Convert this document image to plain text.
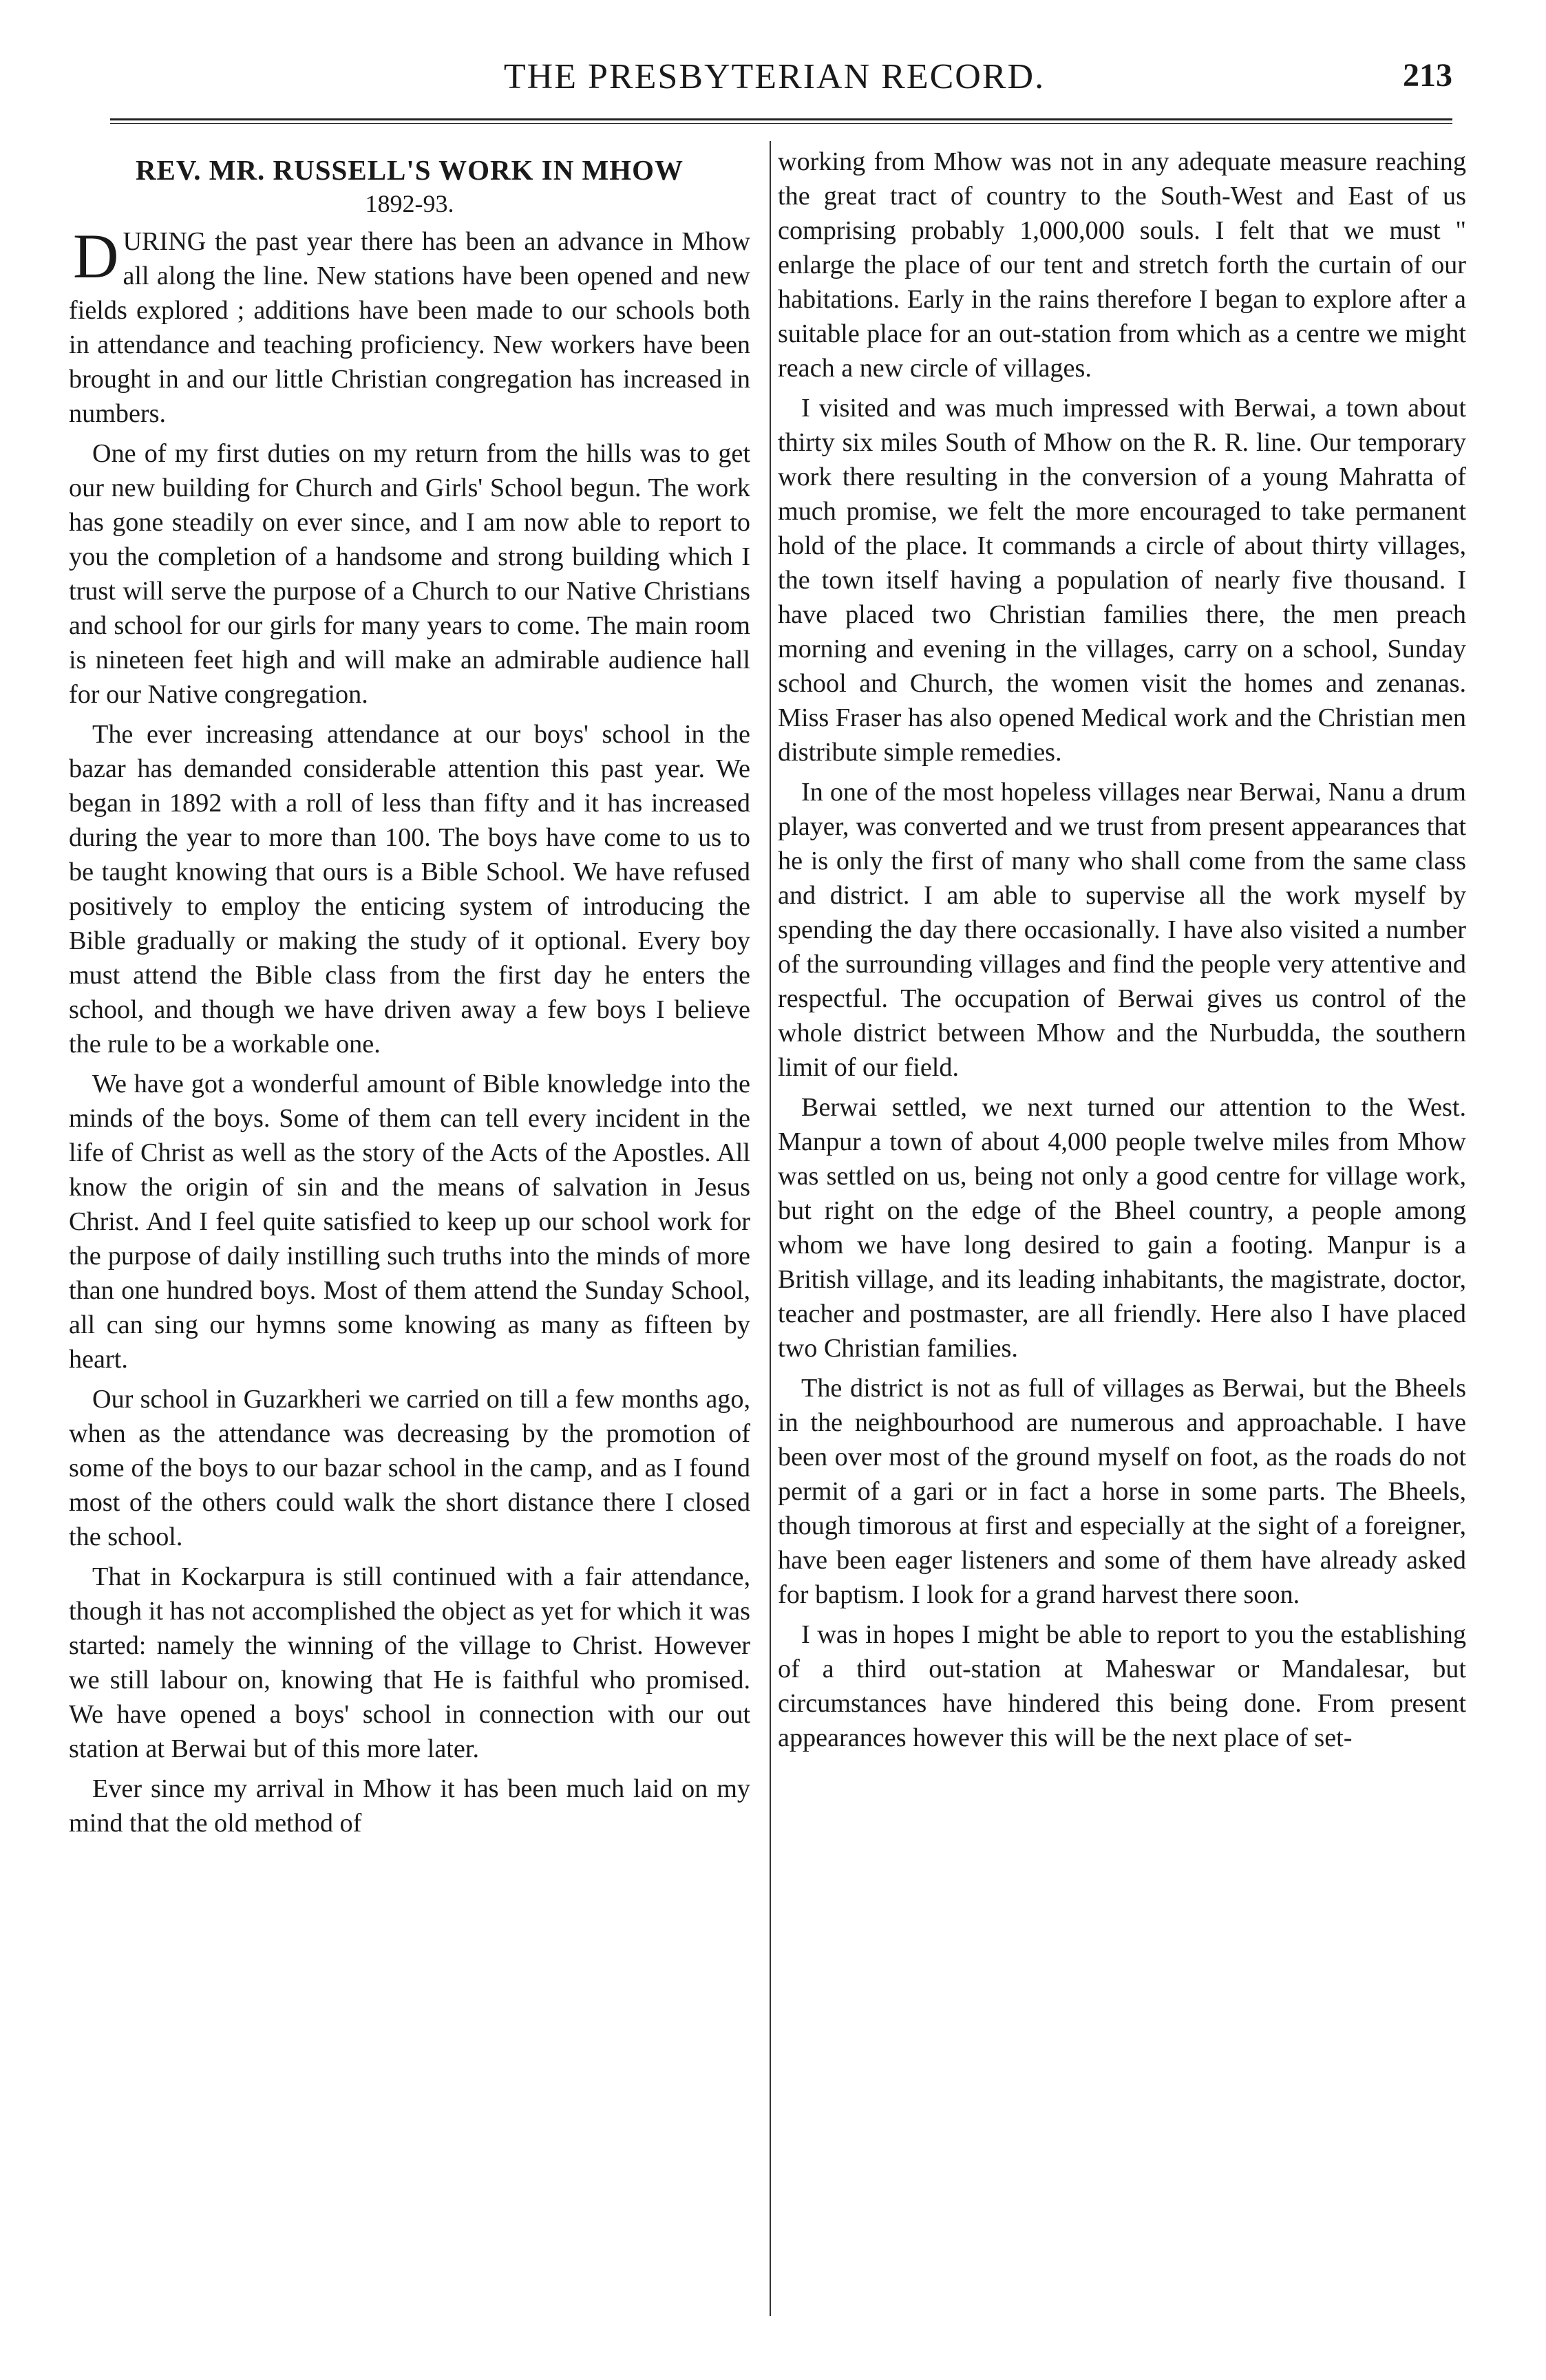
THE PRESBYTERIAN RECORD.	213
REV. MR. RUSSELL'S WORK IN MHOW
1892-93.

DURING the past year there has been an advance in Mhow all along the line. New stations have been opened and new fields explored ; additions have been made to our schools both in attendance and teaching proficiency. New workers have been brought in and our little Christian congregation has increased in numbers.

One of my first duties on my return from the hills was to get our new building for Church and Girls' School begun. The work has gone steadily on ever since, and I am now able to report to you the completion of a handsome and strong building which I trust will serve the purpose of a Church to our Native Christians and school for our girls for many years to come. The main room is nineteen feet high and will make an admirable audience hall for our Native congregation.

The ever increasing attendance at our boys' school in the bazar has demanded considerable attention this past year. We began in 1892 with a roll of less than fifty and it has increased during the year to more than 100. The boys have come to us to be taught knowing that ours is a Bible School. We have refused positively to employ the enticing system of introducing the Bible gradually or making the study of it optional. Every boy must attend the Bible class from the first day he enters the school, and though we have driven away a few boys I believe the rule to be a workable one.

We have got a wonderful amount of Bible knowledge into the minds of the boys. Some of them can tell every incident in the life of Christ as well as the story of the Acts of the Apostles. All know the origin of sin and the means of salvation in Jesus Christ. And I feel quite satisfied to keep up our school work for the purpose of daily instilling such truths into the minds of more than one hundred boys. Most of them attend the Sunday School, all can sing our hymns some knowing as many as fifteen by heart.

Our school in Guzarkheri we carried on till a few months ago, when as the attendance was decreasing by the promotion of some of the boys to our bazar school in the camp, and as I found most of the others could walk the short distance there I closed the school.

That in Kockarpura is still continued with a fair attendance, though it has not accomplished the object as yet for which it was started: namely the winning of the village to Christ. However we still labour on, knowing that He is faithful who promised. We have opened a boys' school in connection with our out station at Berwai but of this more later.

Ever since my arrival in Mhow it has been much laid on my mind that the old method of

working from Mhow was not in any adequate measure reaching the great tract of country to the South-West and East of us comprising probably 1,000,000 souls. I felt that we must " enlarge the place of our tent and stretch forth the curtain of our habitations. Early in the rains therefore I began to explore after a suitable place for an out-station from which as a centre we might reach a new circle of villages.

I visited and was much impressed with Berwai, a town about thirty six miles South of Mhow on the R. R. line. Our temporary work there resulting in the conversion of a young Mahratta of much promise, we felt the more encouraged to take permanent hold of the place. It commands a circle of about thirty villages, the town itself having a population of nearly five thousand. I have placed two Christian families there, the men preach morning and evening in the villages, carry on a school, Sunday school and Church, the women visit the homes and zenanas. Miss Fraser has also opened Medical work and the Christian men distribute simple remedies.

In one of the most hopeless villages near Berwai, Nanu a drum player, was converted and we trust from present appearances that he is only the first of many who shall come from the same class and district. I am able to supervise all the work myself by spending the day there occasionally. I have also visited a number of the surrounding villages and find the people very attentive and respectful. The occupation of Berwai gives us control of the whole district between Mhow and the Nurbudda, the southern limit of our field.

Berwai settled, we next turned our attention to the West. Manpur a town of about 4,000 people twelve miles from Mhow was settled on us, being not only a good centre for village work, but right on the edge of the Bheel country, a people among whom we have long desired to gain a footing. Manpur is a British village, and its leading inhabitants, the magistrate, doctor, teacher and postmaster, are all friendly. Here also I have placed two Christian families.

The district is not as full of villages as Berwai, but the Bheels in the neighbourhood are numerous and approachable. I have been over most of the ground myself on foot, as the roads do not permit of a gari or in fact a horse in some parts. The Bheels, though timorous at first and especially at the sight of a foreigner, have been eager listeners and some of them have already asked for baptism. I look for a grand harvest there soon.

I was in hopes I might be able to report to you the establishing of a third out-station at Maheswar or Mandalesar, but circumstances have hindered this being done. From present appearances however this will be the next place of set-
